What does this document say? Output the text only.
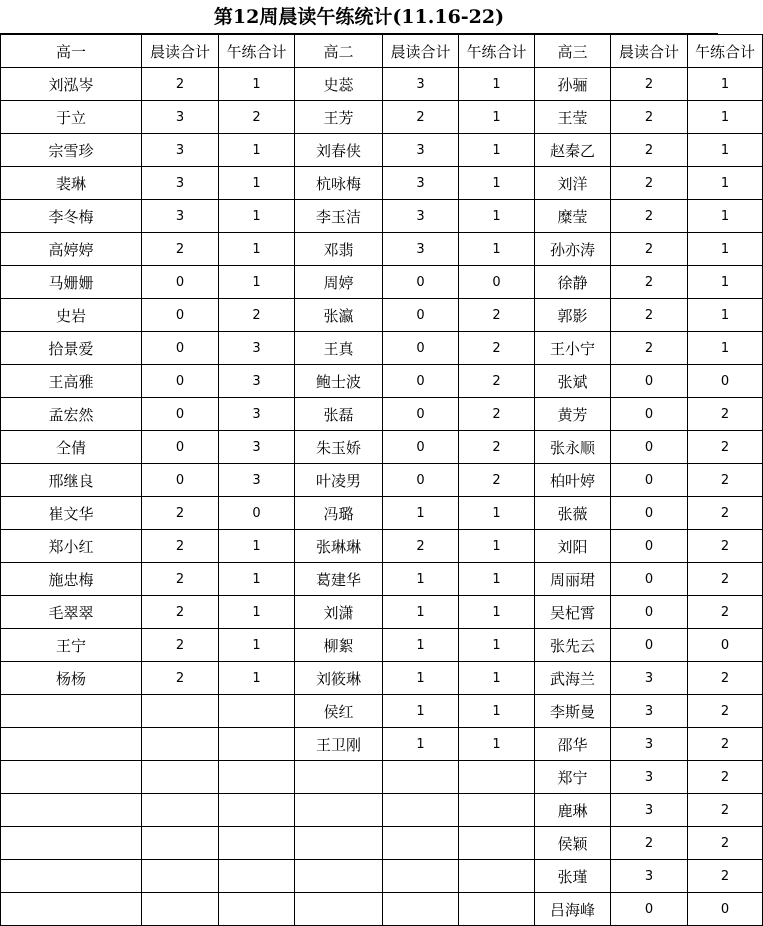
第12周晨读午练统计(11.16-22)
高一	晨读合计	午练合计	高二	晨读合计	午练合计	高三	晨读合计	午练合计
刘泓岑	2	1	史蕊	3	1	孙骊	2	1
于立	3	2	王芳	2	1	王莹	2	1
宗雪珍	3	1	刘春侠	3	1	赵秦乙	2	1
裴琳	3	1	杭咏梅	3	1	刘洋	2	1
李冬梅	3	1	李玉洁	3	1	糜莹	2	1
高婷婷	2	1	邓翡	3	1	孙亦涛	2	1
马姗姗	0	1	周婷	0	0	徐静	2	1
史岩	0	2	张瀛	0	2	郭影	2	1
拾景爱	0	3	王真	0	2	王小宁	2	1
王高雅	0	3	鲍士波	0	2	张斌	0	0
孟宏然	0	3	张磊	0	2	黄芳	0	2
仝倩	0	3	朱玉娇	0	2	张永顺	0	2
邢继良	0	3	叶凌男	0	2	柏叶婷	0	2
崔文华	2	0	冯璐	1	1	张薇	0	2
郑小红	2	1	张琳琳	2	1	刘阳	0	2
施忠梅	2	1	葛建华	1	1	周丽珺	0	2
毛翠翠	2	1	刘潇	1	1	吴杞霄	0	2
王宁	2	1	柳絮	1	1	张先云	0	0
杨杨	2	1	刘筱琳	1	1	武海兰	3	2
			侯红	1	1	李斯曼	3	2
			王卫刚	1	1	邵华	3	2
						郑宁	3	2
						鹿琳	3	2
						侯颖	2	2
						张瑾	3	2
						吕海峰	0	0
